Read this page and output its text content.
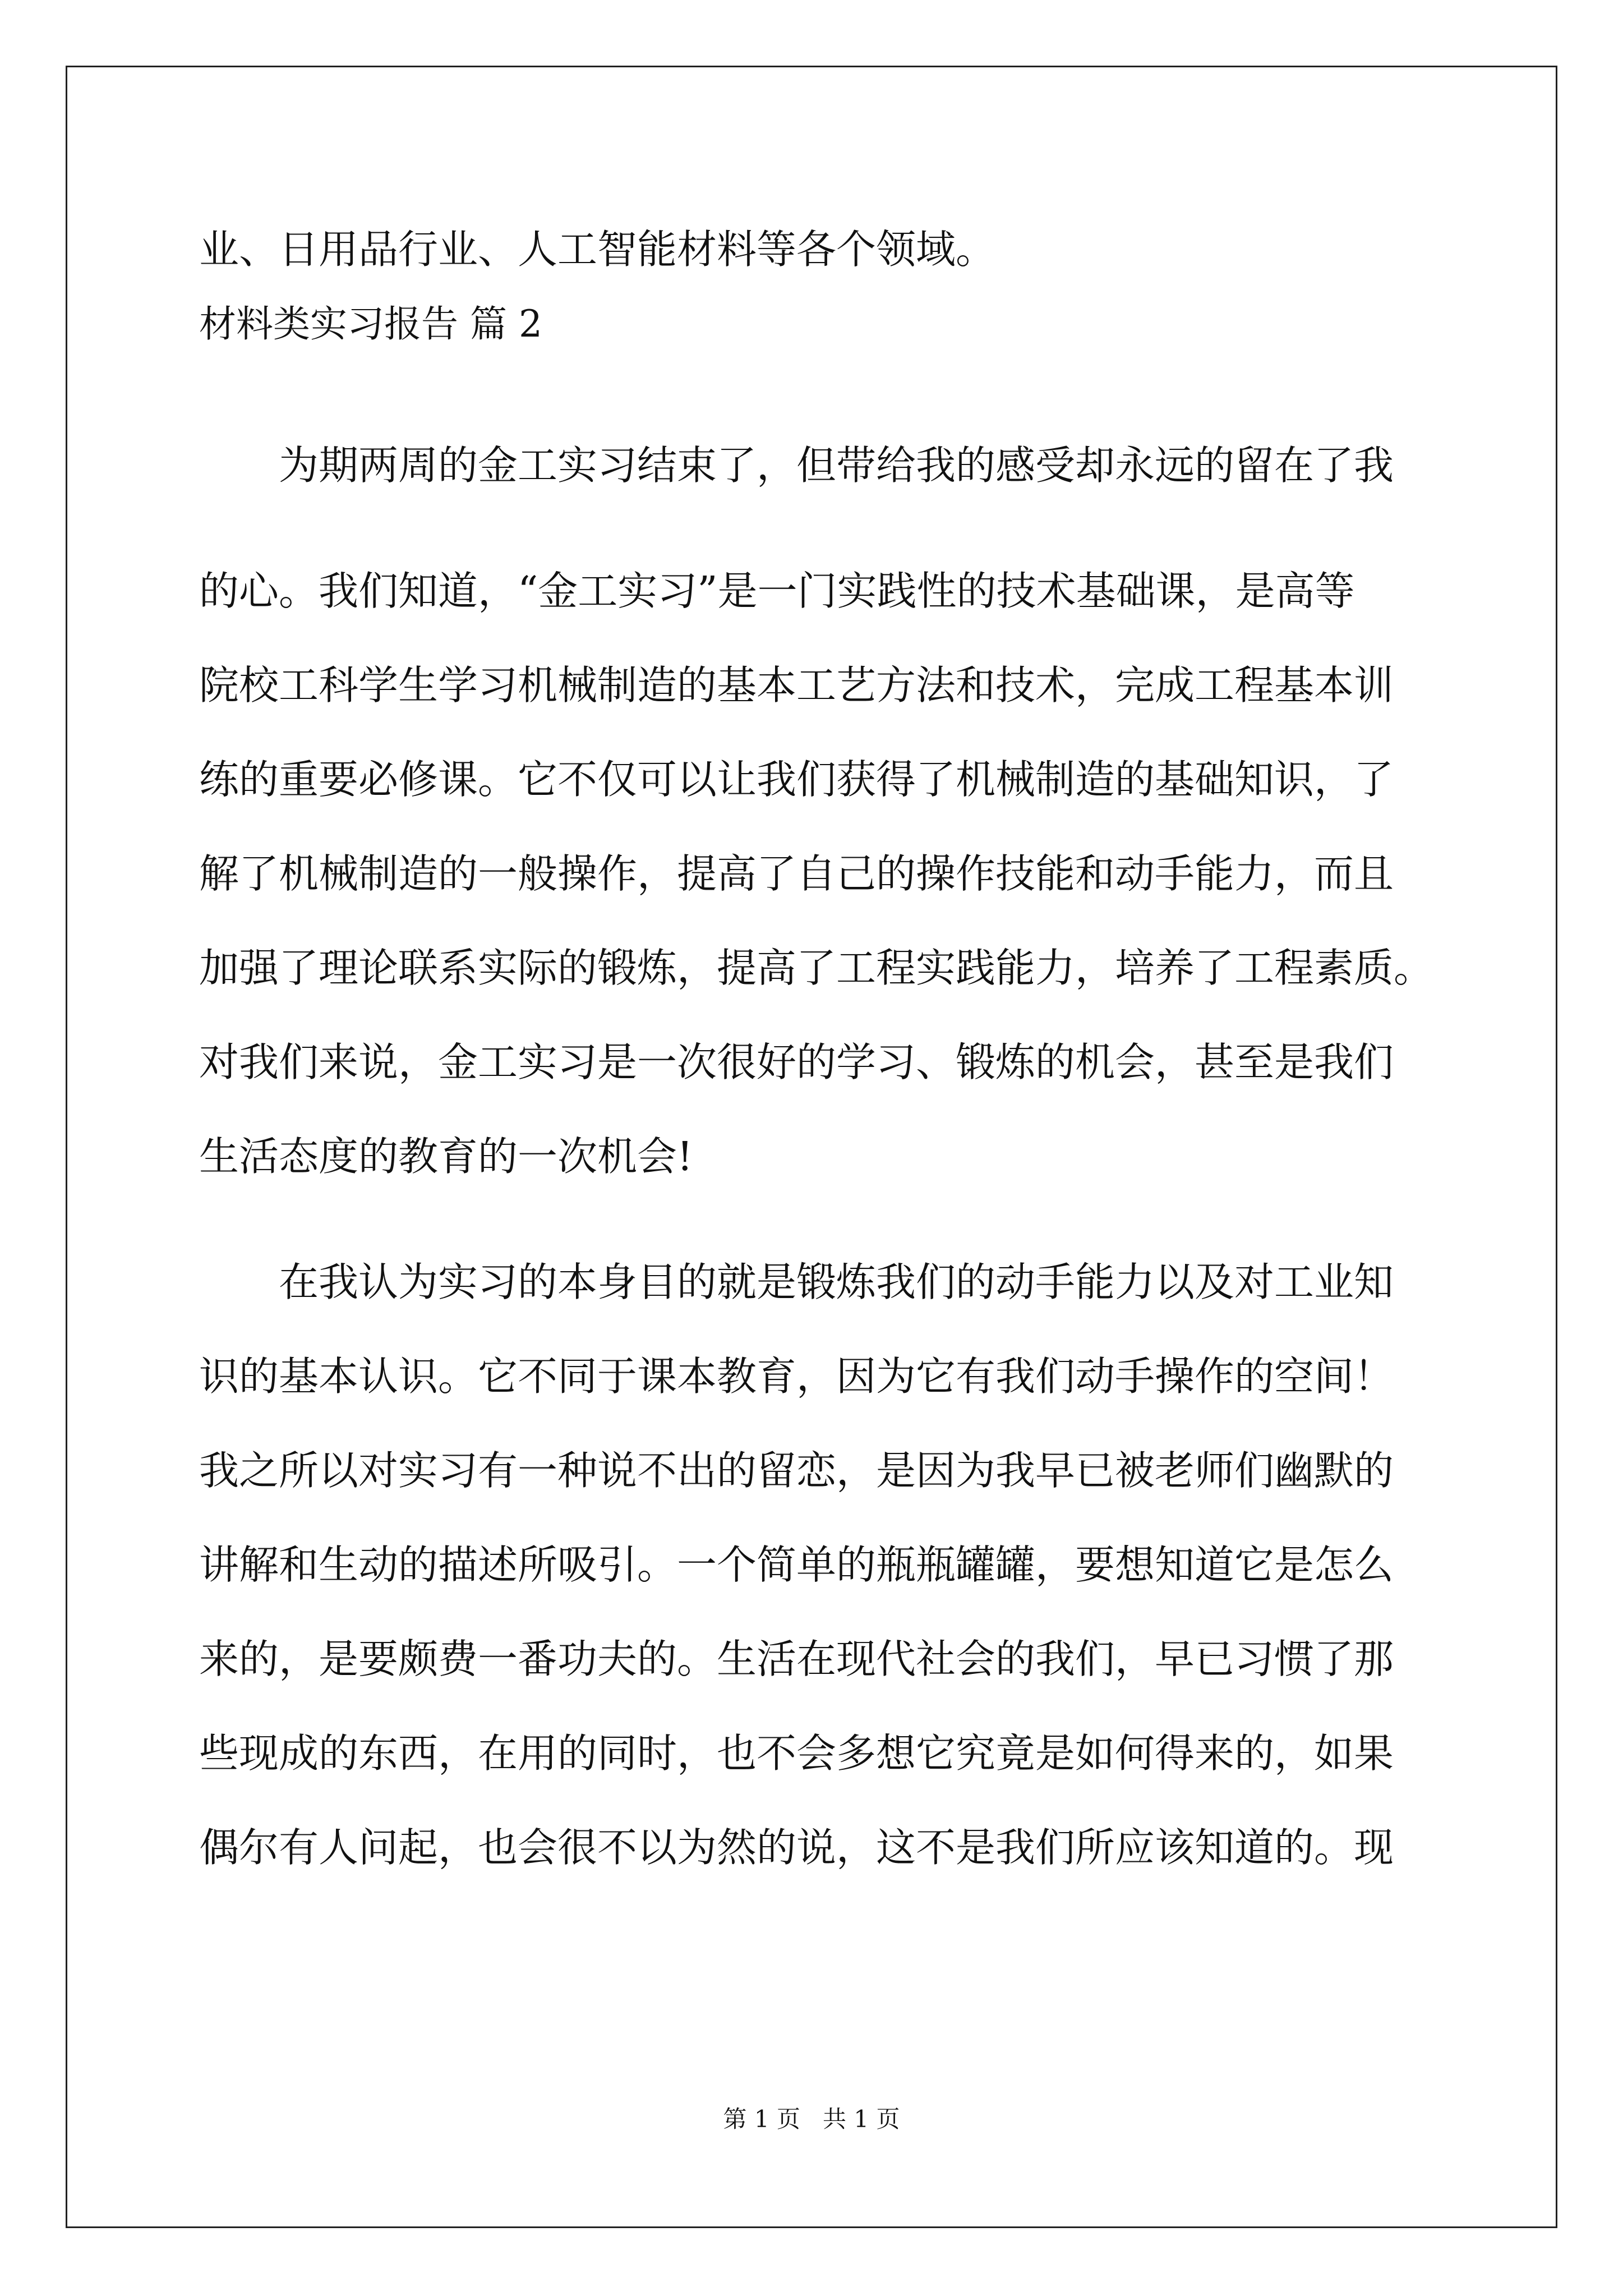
业、日用品行业、人工智能材料等各个领域。

材料类实习报告 篇 2

为期两周的金工实习结束了，但带给我的感受却永远的留在了我

的心。我们知道，“金工实习”是一门实践性的技术基础课，是高等

院校工科学生学习机械制造的基本工艺方法和技术，完成工程基本训

练的重要必修课。它不仅可以让我们获得了机械制造的基础知识，了

解了机械制造的一般操作，提高了自己的操作技能和动手能力，而且

加强了理论联系实际的锻炼，提高了工程实践能力，培养了工程素质。

对我们来说，金工实习是一次很好的学习、锻炼的机会，甚至是我们

生活态度的教育的一次机会!

在我认为实习的本身目的就是锻炼我们的动手能力以及对工业知

识的基本认识。它不同于课本教育，因为它有我们动手操作的空间！

我之所以对实习有一种说不出的留恋，是因为我早已被老师们幽默的

讲解和生动的描述所吸引。一个简单的瓶瓶罐罐，要想知道它是怎么

来的，是要颇费一番功夫的。生活在现代社会的我们，早已习惯了那

些现成的东西，在用的同时，也不会多想它究竟是如何得来的，如果

偶尔有人问起，也会很不以为然的说，这不是我们所应该知道的。现

第 1 页   共 1 页
